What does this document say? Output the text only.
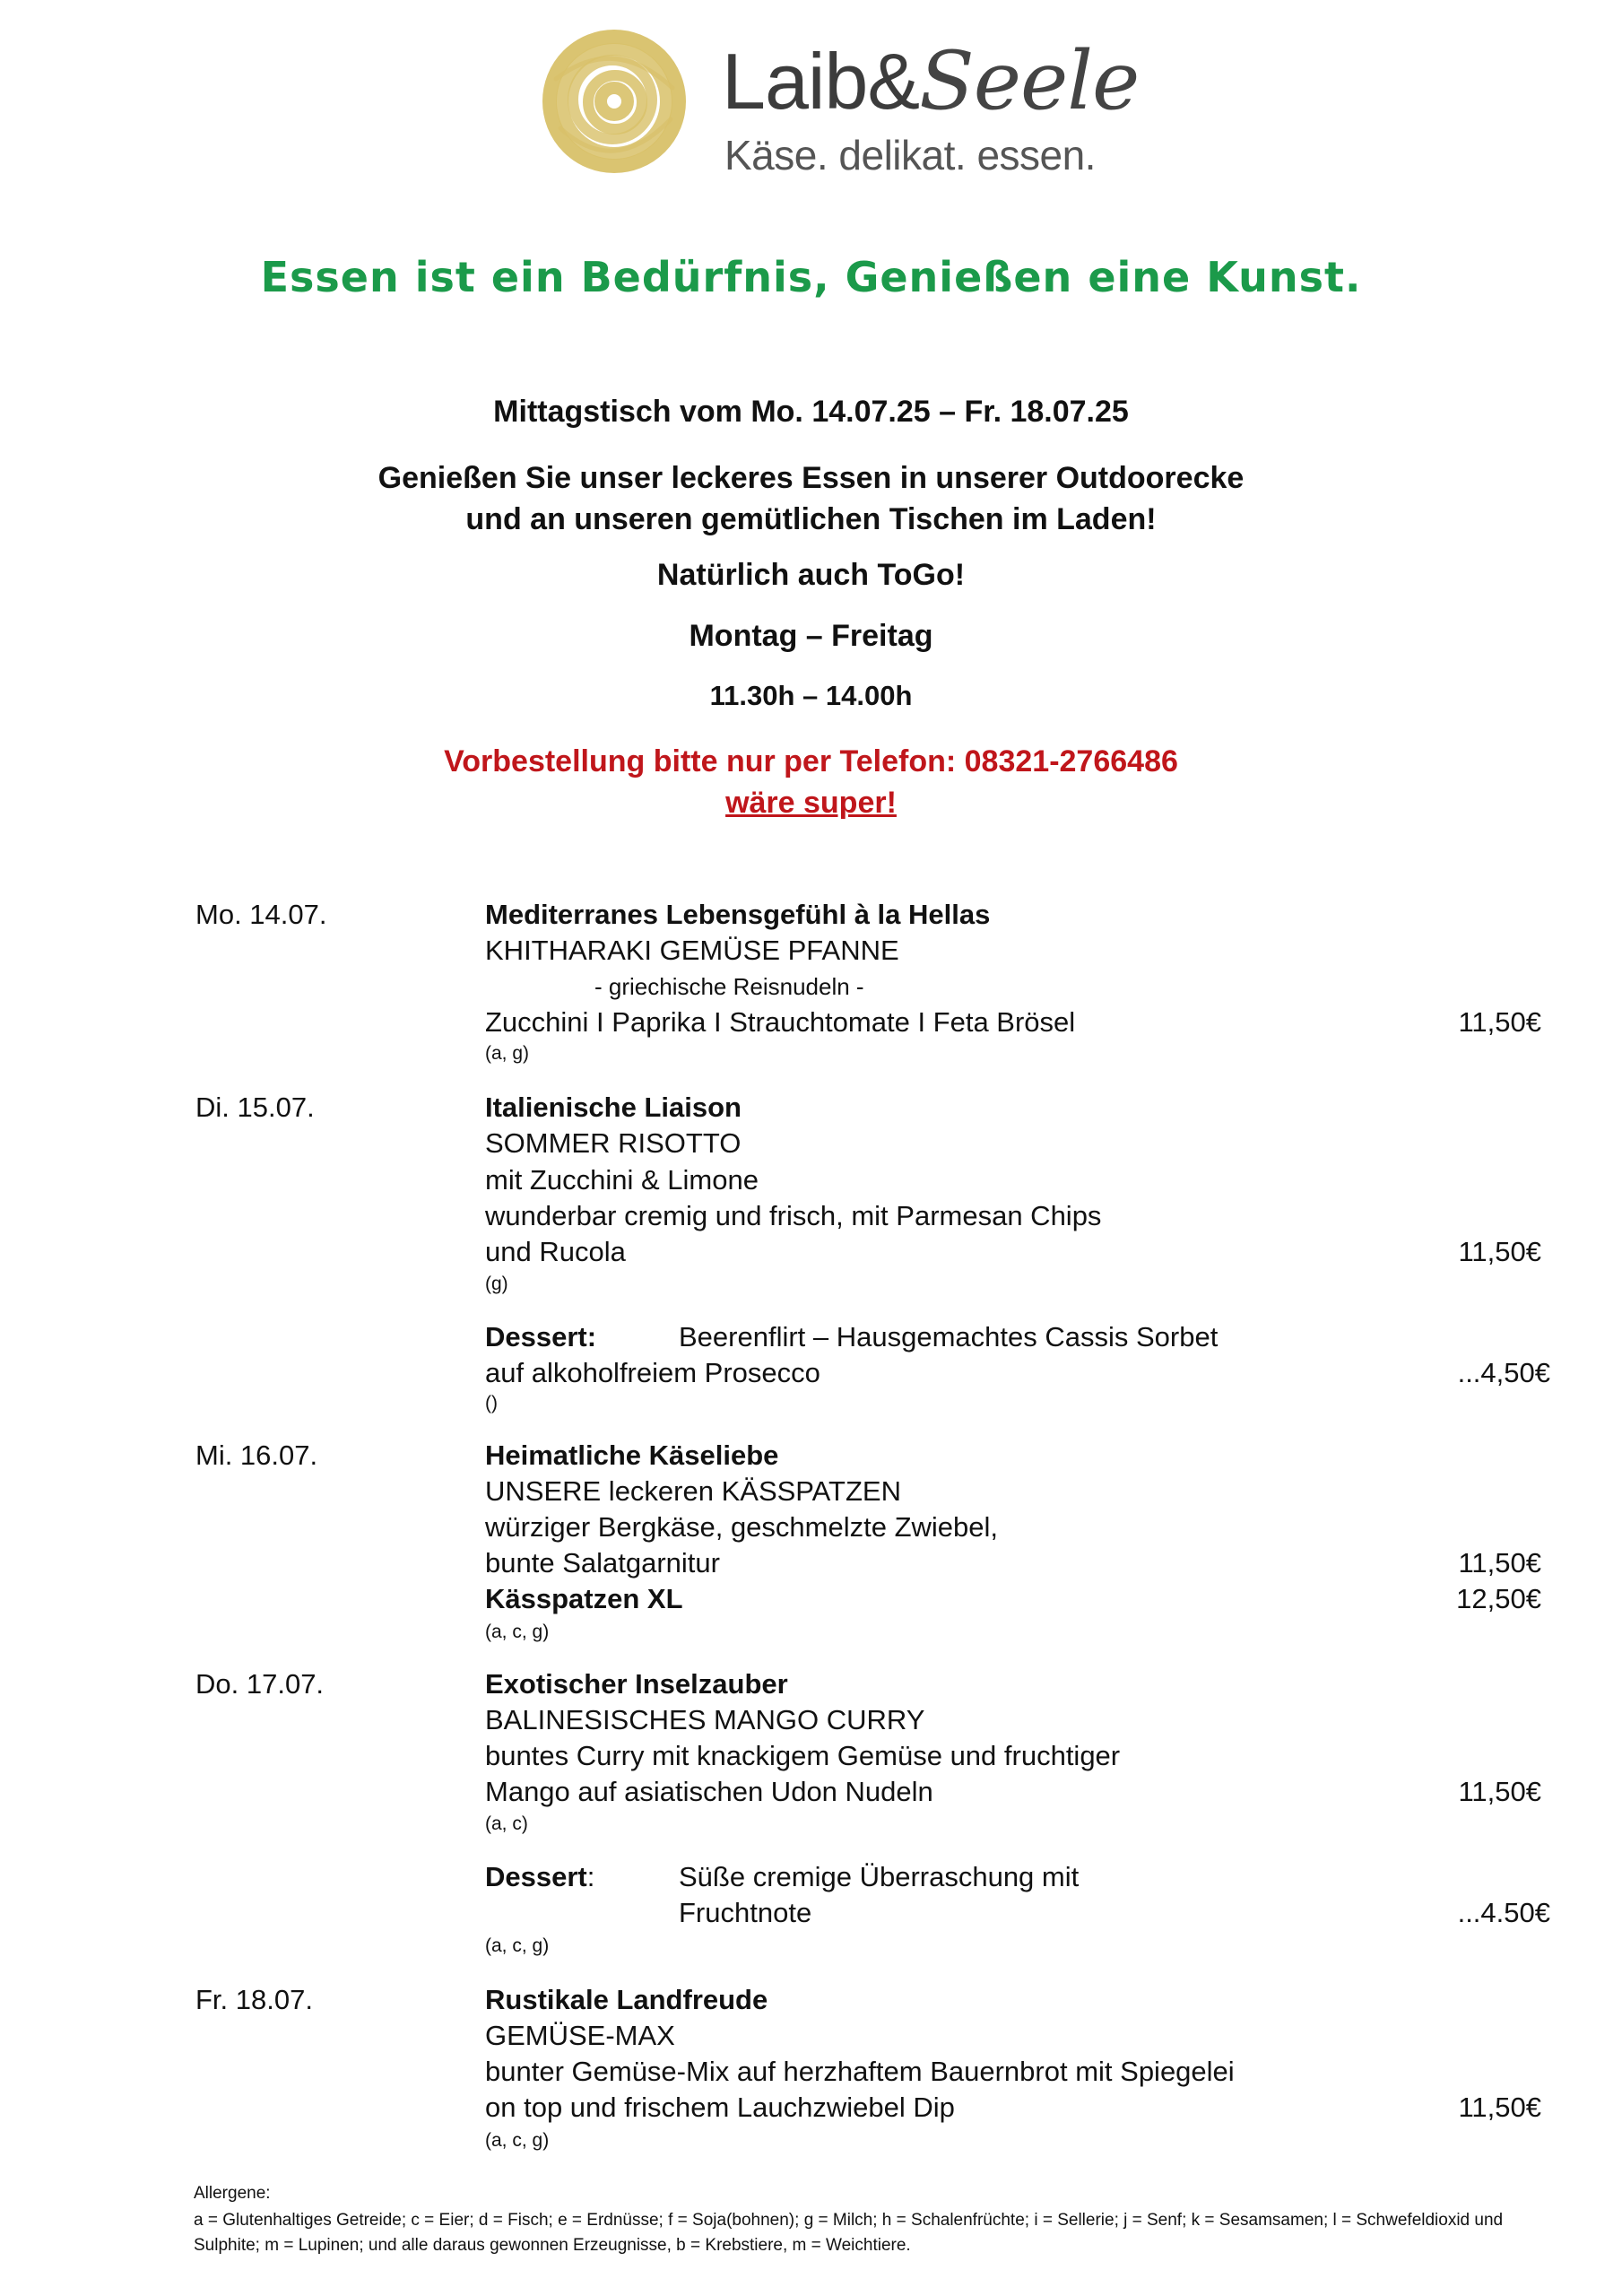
Laib&Seele
Käse. delikat. essen.
Essen ist ein Bedürfnis, Genießen eine Kunst.
Mittagstisch vom Mo. 14.07.25 – Fr. 18.07.25
Genießen Sie unser leckeres Essen in unserer Outdoorecke
und an unseren gemütlichen Tischen im Laden!
Natürlich auch ToGo!
Montag – Freitag
11.30h – 14.00h
Vorbestellung bitte nur per Telefon: 08321-2766486
wäre super!
Mo. 14.07.	Mediterranes Lebensgefühl à la Hellas
KHITHARAKI GEMÜSE PFANNE
- griechische Reisnudeln -
Zucchini I Paprika I Strauchtomate I Feta Brösel	11,50€
(a, g)
Di. 15.07.	Italienische Liaison
SOMMER RISOTTO
mit Zucchini & Limone
wunderbar cremig und frisch, mit Parmesan Chips
und Rucola	11,50€
(g)
Dessert:	Beerenflirt – Hausgemachtes Cassis Sorbet
auf alkoholfreiem Prosecco	...4,50€
()
Mi. 16.07.	Heimatliche Käseliebe
UNSERE leckeren KÄSSPATZEN
würziger Bergkäse, geschmelzte Zwiebel,
bunte Salatgarnitur	11,50€
Kässpatzen XL	12,50€
(a, c, g)
Do. 17.07.	Exotischer Inselzauber
BALINESISCHES MANGO CURRY
buntes Curry mit knackigem Gemüse und fruchtiger
Mango auf asiatischen Udon Nudeln	11,50€
(a, c)
Dessert:	Süße cremige Überraschung mit
Fruchtnote	...4.50€
(a, c, g)
Fr. 18.07.	Rustikale Landfreude
GEMÜSE-MAX
bunter Gemüse-Mix auf herzhaftem Bauernbrot mit Spiegelei
on top und frischem Lauchzwiebel Dip	11,50€
(a, c, g)
Allergene:
a = Glutenhaltiges Getreide; c = Eier; d = Fisch; e = Erdnüsse; f = Soja(bohnen); g = Milch; h = Schalenfrüchte; i = Sellerie; j = Senf; k = Sesamsamen; l = Schwefeldioxid und Sulphite; m = Lupinen; und alle daraus gewonnen Erzeugnisse, b = Krebstiere, m = Weichtiere.
